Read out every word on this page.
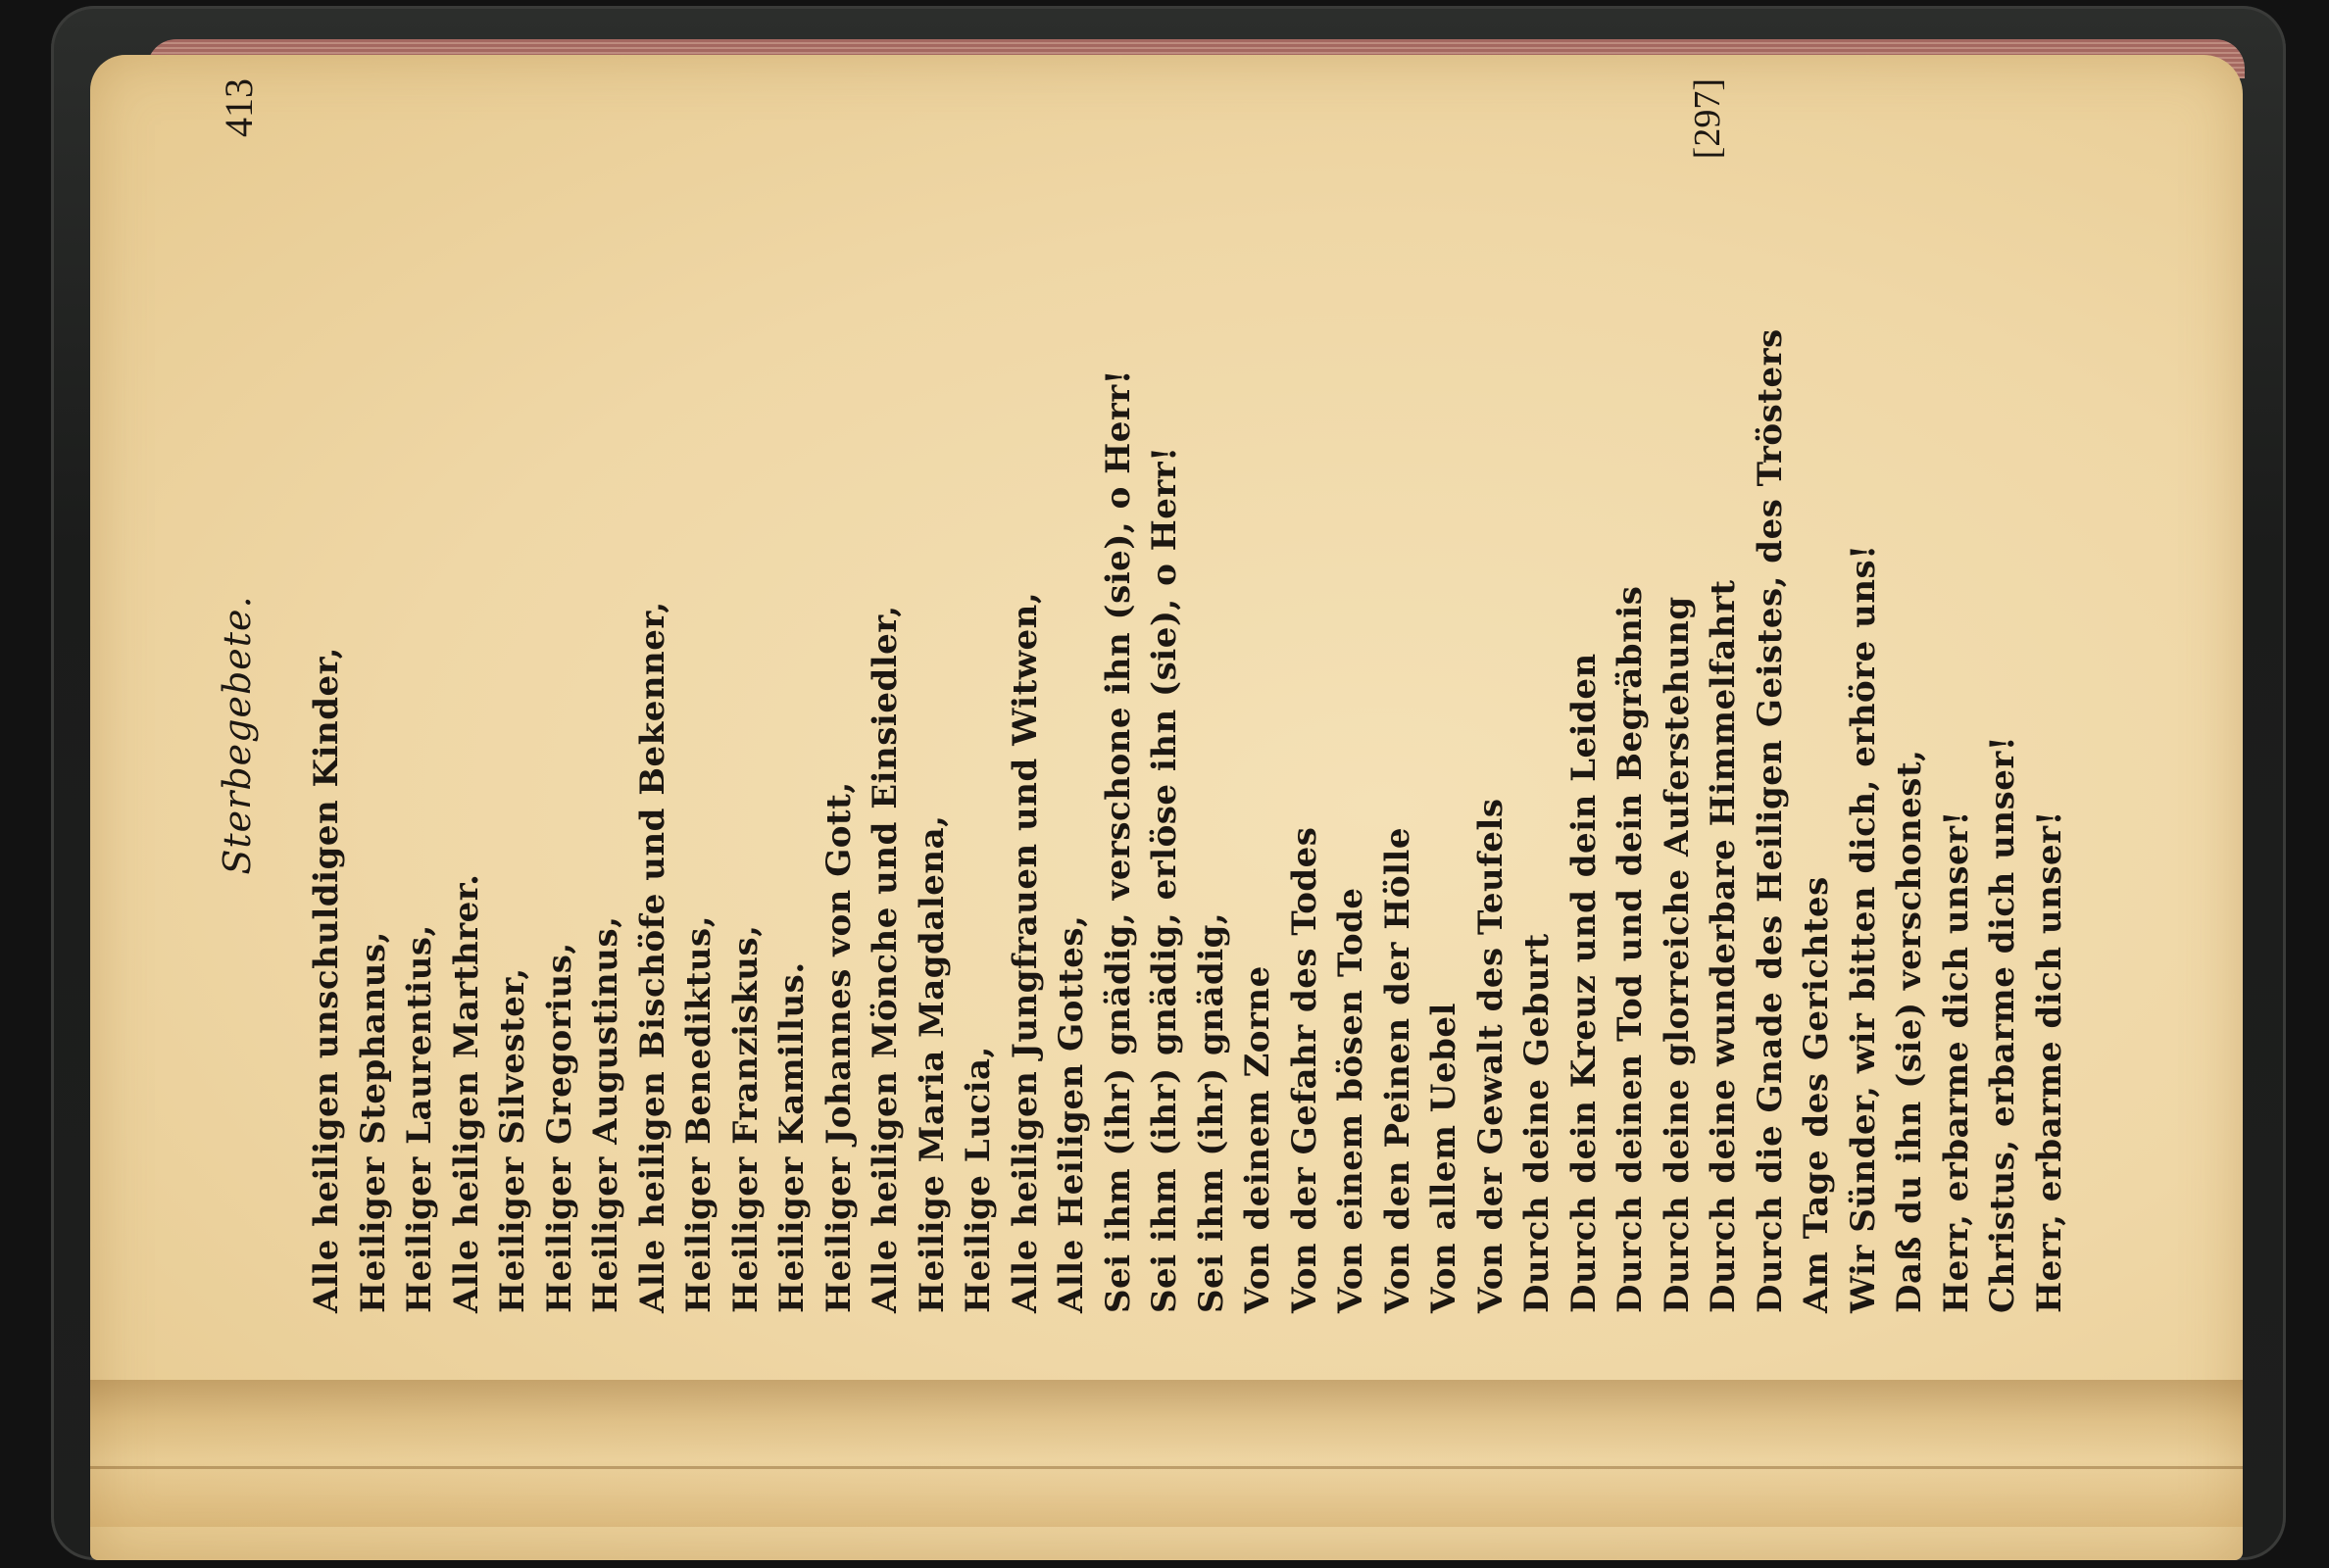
Sterbegebete.
413
Alle heiligen unschuldigen Kinder, Heiliger Stephanus, Heiliger Laurentius, Alle heiligen Marthrer. Heiliger Silvester, Heiliger Gregorius, Heiliger Augustinus, Alle heiligen Bischöfe und Bekenner, Heiliger Benediktus, Heiliger Franziskus, Heiliger Kamillus. Heiliger Johannes von Gott, Alle heiligen Mönche und Einsiedler, Heilige Maria Magdalena, Heilige Lucia, Alle heiligen Jungfrauen und Witwen, Alle Heiligen Gottes, Sei ihm (ihr) gnädig, verschone ihn (sie), o Herr! Sei ihm (ihr) gnädig, erlöse ihn (sie), o Herr! Sei ihm (ihr) gnädig, Von deinem Zorne Von der Gefahr des Todes Von einem bösen Tode Von den Peinen der Hölle Von allem Uebel Von der Gewalt des Teufels Durch deine Geburt Durch dein Kreuz und dein Leiden Durch deinen Tod und dein Begräbnis Durch deine glorreiche Auferstehung Durch deine wunderbare Himmelfahrt Durch die Gnade des Heiligen Geistes, des Trösters Am Tage des Gerichtes Wir Sünder, wir bitten dich, erhöre uns! Daß du ihn (sie) verschonest, Herr, erbarme dich unser! Christus, erbarme dich unser! Herr, erbarme dich unser!
[297]
